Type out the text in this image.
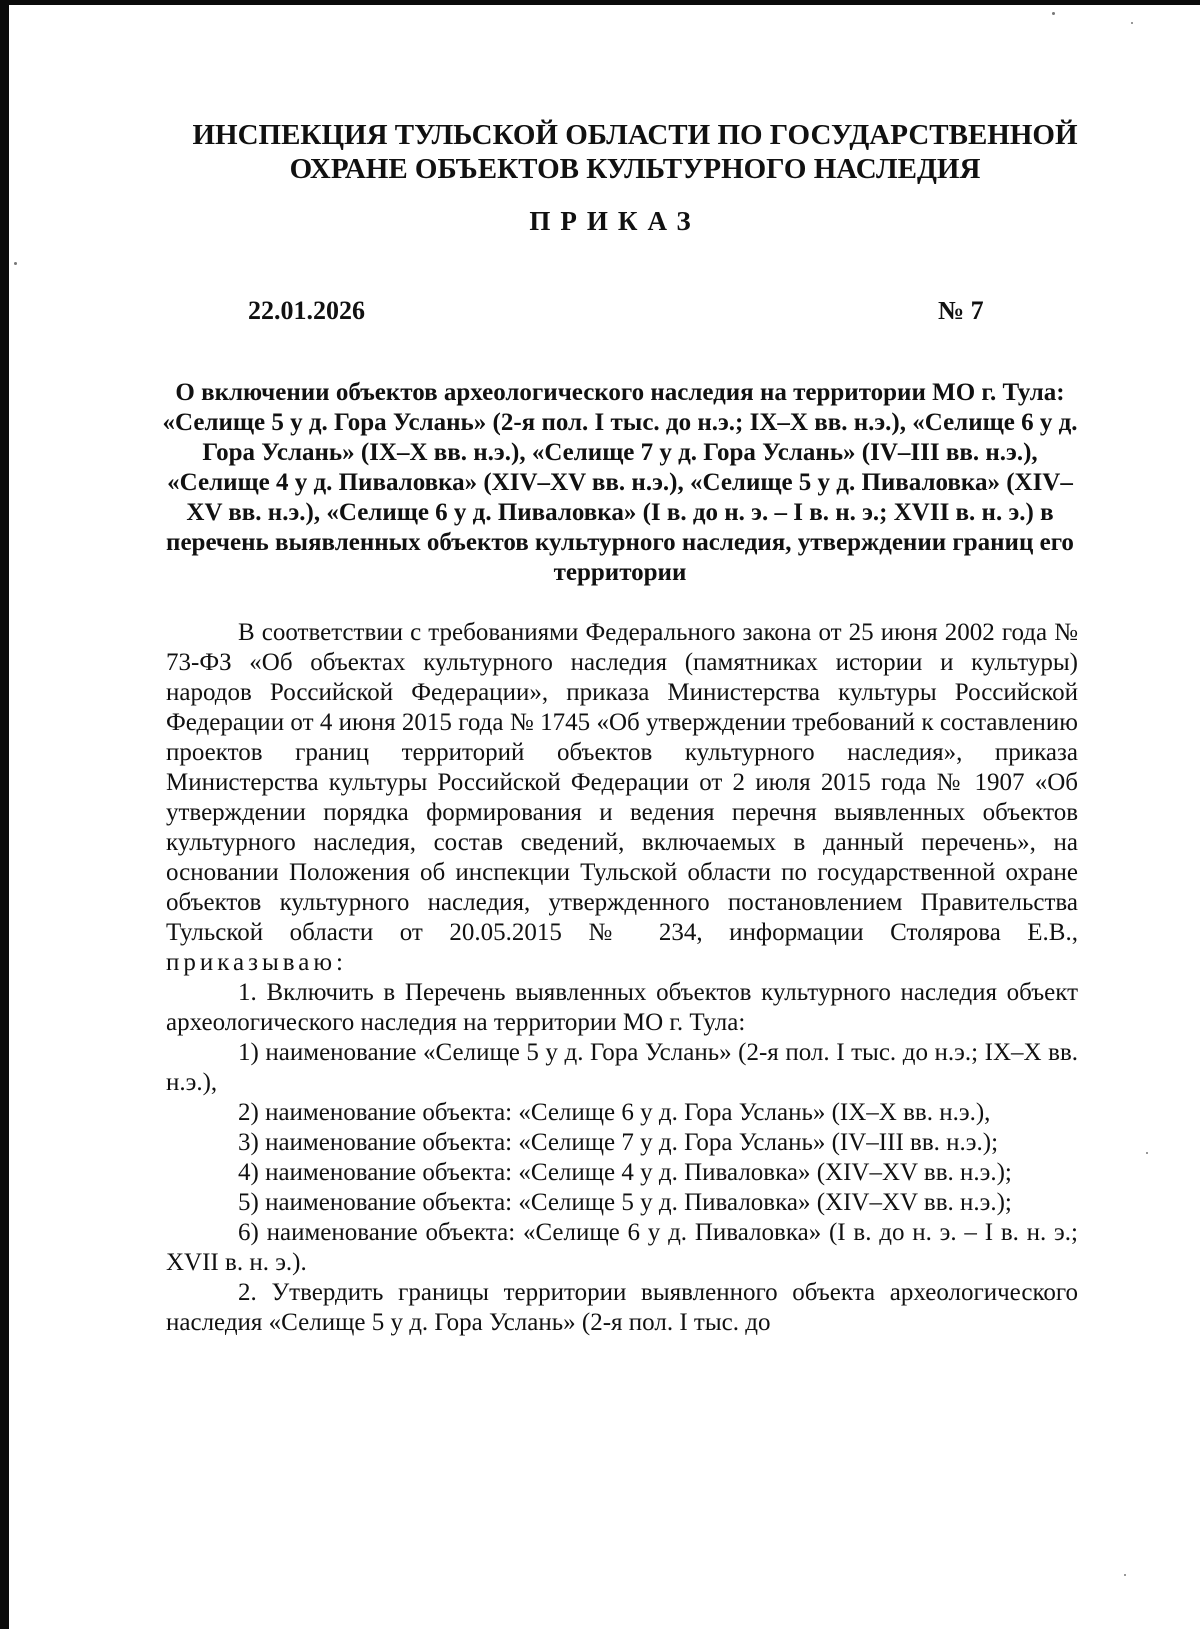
ИНСПЕКЦИЯ ТУЛЬСКОЙ ОБЛАСТИ ПО ГОСУДАРСТВЕННОЙ
ОХРАНЕ ОБЪЕКТОВ КУЛЬТУРНОГО НАСЛЕДИЯ
ПРИКАЗ
22.01.2026	№ 7
О включении объектов археологического наследия на территории МО г. Тула: «Селище 5 у д. Гора Услань» (2-я пол. I тыс. до н.э.; IX–X вв. н.э.), «Селище 6 у д. Гора Услань» (IX–X вв. н.э.), «Селище 7 у д. Гора Услань» (IV–III вв. н.э.), «Селище 4 у д. Пиваловка» (XIV–XV вв. н.э.), «Селище 5 у д. Пиваловка» (XIV–XV вв. н.э.), «Селище 6 у д. Пиваловка» (I в. до н. э. – I в. н. э.; XVII в. н. э.) в перечень выявленных объектов культурного наследия, утверждении границ его территории

В соответствии с требованиями Федерального закона от 25 июня 2002 года № 73-ФЗ «Об объектах культурного наследия (памятниках истории и культуры) народов Российской Федерации», приказа Министерства культуры Российской Федерации от 4 июня 2015 года № 1745 «Об утверждении требований к составлению проектов границ территорий объектов культурного наследия», приказа Министерства культуры Российской Федерации от 2 июля 2015 года № 1907 «Об утверждении порядка формирования и ведения перечня выявленных объектов культурного наследия, состав сведений, включаемых в данный перечень», на основании Положения об инспекции Тульской области по государственной охране объектов культурного наследия, утвержденного постановлением Правительства Тульской области от 20.05.2015 № 234, информации Столярова Е.В., приказываю:

1. Включить в Перечень выявленных объектов культурного наследия объект археологического наследия на территории МО г. Тула:

1) наименование «Селище 5 у д. Гора Услань» (2-я пол. I тыс. до н.э.; IX–X вв. н.э.),

2) наименование объекта: «Селище 6 у д. Гора Услань» (IX–X вв. н.э.),

3) наименование объекта: «Селище 7 у д. Гора Услань» (IV–III вв. н.э.);

4) наименование объекта: «Селище 4 у д. Пиваловка» (XIV–XV вв. н.э.);

5) наименование объекта: «Селище 5 у д. Пиваловка» (XIV–XV вв. н.э.);

6) наименование объекта: «Селище 6 у д. Пиваловка» (I в. до н. э. – I в. н. э.; XVII в. н. э.).

2. Утвердить границы территории выявленного объекта археологического наследия «Селище 5 у д. Гора Услань» (2-я пол. I тыс. до
